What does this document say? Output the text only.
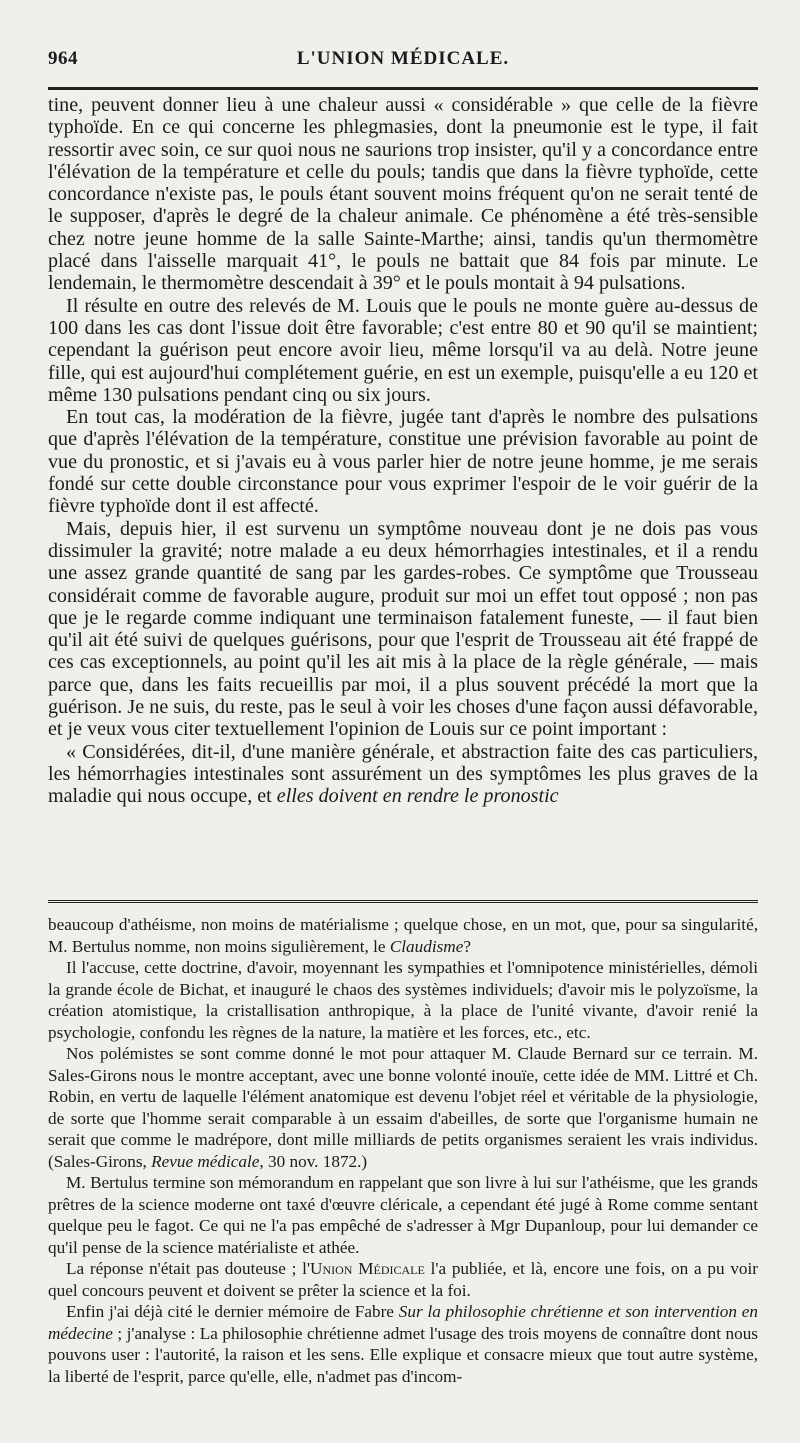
964	L'UNION MÉDICALE.

tine, peuvent donner lieu à une chaleur aussi « considérable » que celle de la fièvre typhoïde. En ce qui concerne les phlegmasies, dont la pneumonie est le type, il fait ressortir avec soin, ce sur quoi nous ne saurions trop insister, qu'il y a concordance entre l'élévation de la température et celle du pouls; tandis que dans la fièvre typhoïde, cette concordance n'existe pas, le pouls étant souvent moins fréquent qu'on ne serait tenté de le supposer, d'après le degré de la chaleur animale. Ce phénomène a été très-sensible chez notre jeune homme de la salle Sainte-Marthe; ainsi, tandis qu'un thermomètre placé dans l'aisselle marquait 41°, le pouls ne battait que 84 fois par minute. Le lendemain, le thermomètre descendait à 39° et le pouls montait à 94 pulsations.

Il résulte en outre des relevés de M. Louis que le pouls ne monte guère au-dessus de 100 dans les cas dont l'issue doit être favorable; c'est entre 80 et 90 qu'il se maintient; cependant la guérison peut encore avoir lieu, même lorsqu'il va au delà. Notre jeune fille, qui est aujourd'hui complétement guérie, en est un exemple, puisqu'elle a eu 120 et même 130 pulsations pendant cinq ou six jours.

En tout cas, la modération de la fièvre, jugée tant d'après le nombre des pulsations que d'après l'élévation de la température, constitue une prévision favorable au point de vue du pronostic, et si j'avais eu à vous parler hier de notre jeune homme, je me serais fondé sur cette double circonstance pour vous exprimer l'espoir de le voir guérir de la fièvre typhoïde dont il est affecté.

Mais, depuis hier, il est survenu un symptôme nouveau dont je ne dois pas vous dissimuler la gravité; notre malade a eu deux hémorrhagies intestinales, et il a rendu une assez grande quantité de sang par les gardes-robes. Ce symptôme que Trousseau considérait comme de favorable augure, produit sur moi un effet tout opposé ; non pas que je le regarde comme indiquant une terminaison fatalement funeste, — il faut bien qu'il ait été suivi de quelques guérisons, pour que l'esprit de Trousseau ait été frappé de ces cas exceptionnels, au point qu'il les ait mis à la place de la règle générale, — mais parce que, dans les faits recueillis par moi, il a plus souvent précédé la mort que la guérison. Je ne suis, du reste, pas le seul à voir les choses d'une façon aussi défavorable, et je veux vous citer textuellement l'opinion de Louis sur ce point important :

« Considérées, dit-il, d'une manière générale, et abstraction faite des cas particuliers, les hémorrhagies intestinales sont assurément un des symptômes les plus graves de la maladie qui nous occupe, et elles doivent en rendre le pronostic

beaucoup d'athéisme, non moins de matérialisme ; quelque chose, en un mot, que, pour sa singularité, M. Bertulus nomme, non moins sigulièrement, le Claudisme?

Il l'accuse, cette doctrine, d'avoir, moyennant les sympathies et l'omnipotence ministérielles, démoli la grande école de Bichat, et inauguré le chaos des systèmes individuels; d'avoir mis le polyzoïsme, la création atomistique, la cristallisation anthropique, à la place de l'unité vivante, d'avoir renié la psychologie, confondu les règnes de la nature, la matière et les forces, etc., etc.

Nos polémistes se sont comme donné le mot pour attaquer M. Claude Bernard sur ce terrain. M. Sales-Girons nous le montre acceptant, avec une bonne volonté inouïe, cette idée de MM. Littré et Ch. Robin, en vertu de laquelle l'élément anatomique est devenu l'objet réel et véritable de la physiologie, de sorte que l'homme serait comparable à un essaim d'abeilles, de sorte que l'organisme humain ne serait que comme le madrépore, dont mille milliards de petits organismes seraient les vrais individus. (Sales-Girons, Revue médicale, 30 nov. 1872.)

M. Bertulus termine son mémorandum en rappelant que son livre à lui sur l'athéisme, que les grands prêtres de la science moderne ont taxé d'œuvre cléricale, a cependant été jugé à Rome comme sentant quelque peu le fagot. Ce qui ne l'a pas empêché de s'adresser à Mgr Dupanloup, pour lui demander ce qu'il pense de la science matérialiste et athée.

La réponse n'était pas douteuse ; l'Union Médicale l'a publiée, et là, encore une fois, on a pu voir quel concours peuvent et doivent se prêter la science et la foi.

Enfin j'ai déjà cité le dernier mémoire de Fabre Sur la philosophie chrétienne et son intervention en médecine ; j'analyse : La philosophie chrétienne admet l'usage des trois moyens de connaître dont nous pouvons user : l'autorité, la raison et les sens. Elle explique et consacre mieux que tout autre système, la liberté de l'esprit, parce qu'elle, elle, n'admet pas d'incom-
